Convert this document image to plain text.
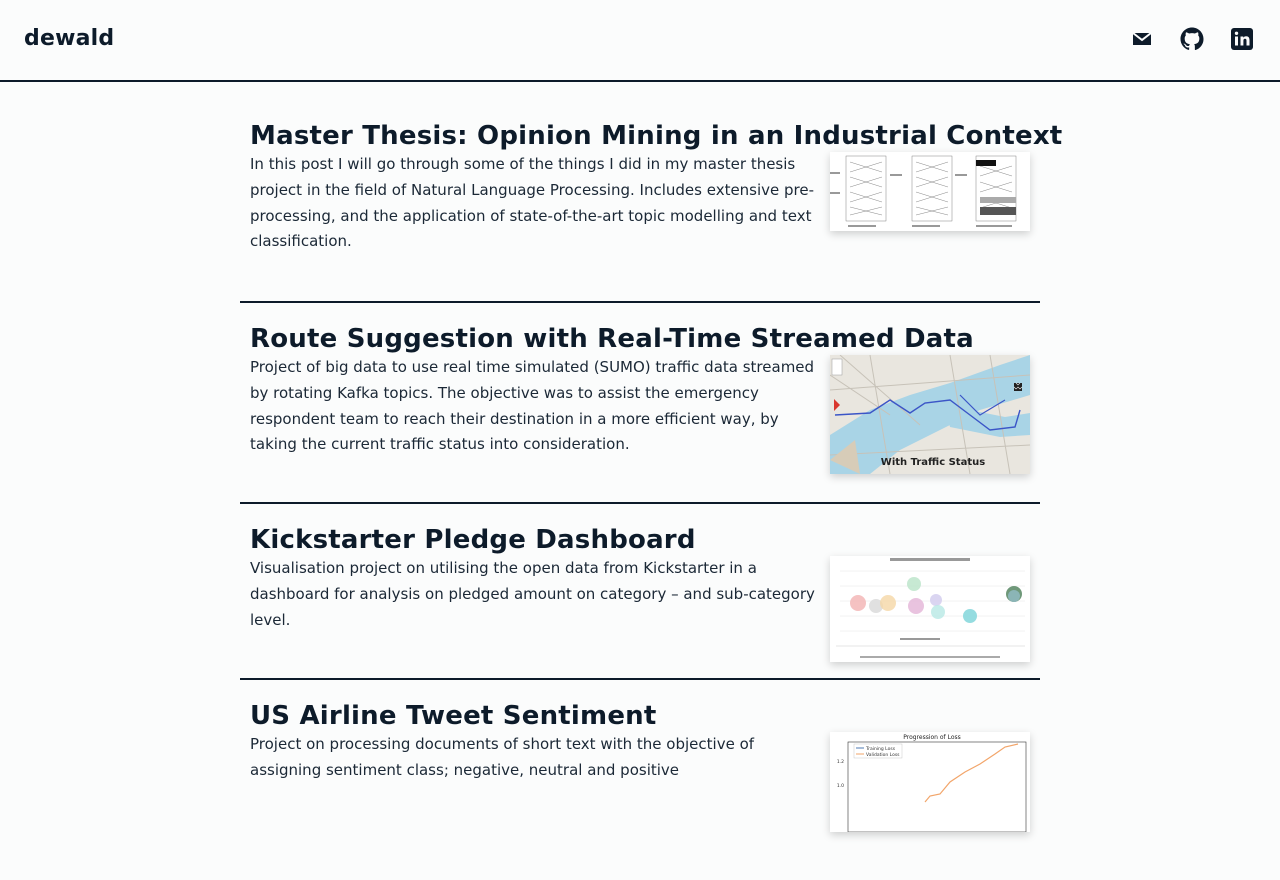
dewald
Master Thesis: Opinion Mining in an Industrial Context

In this post I will go through some of the things I did in my master thesis project in the field of Natural Language Processing. Includes extensive pre-processing, and the application of state-of-the-art topic modelling and text classification.

Route Suggestion with Real-Time Streamed Data

Project of big data to use real time simulated (SUMO) traffic data streamed by rotating Kafka topics. The objective was to assist the emergency respondent team to reach their destination in a more efficient way, by taking the current traffic status into consideration.

With Traffic Status
Kickstarter Pledge Dashboard

Visualisation project on utilising the open data from Kickstarter in a dashboard for analysis on pledged amount on category – and sub-category level.

US Airline Tweet Sentiment

Project on processing documents of short text with the objective of assigning sentiment class; negative, neutral and positive

Progression of Loss
Training Loss
Validation Loss
1.2
1.0
